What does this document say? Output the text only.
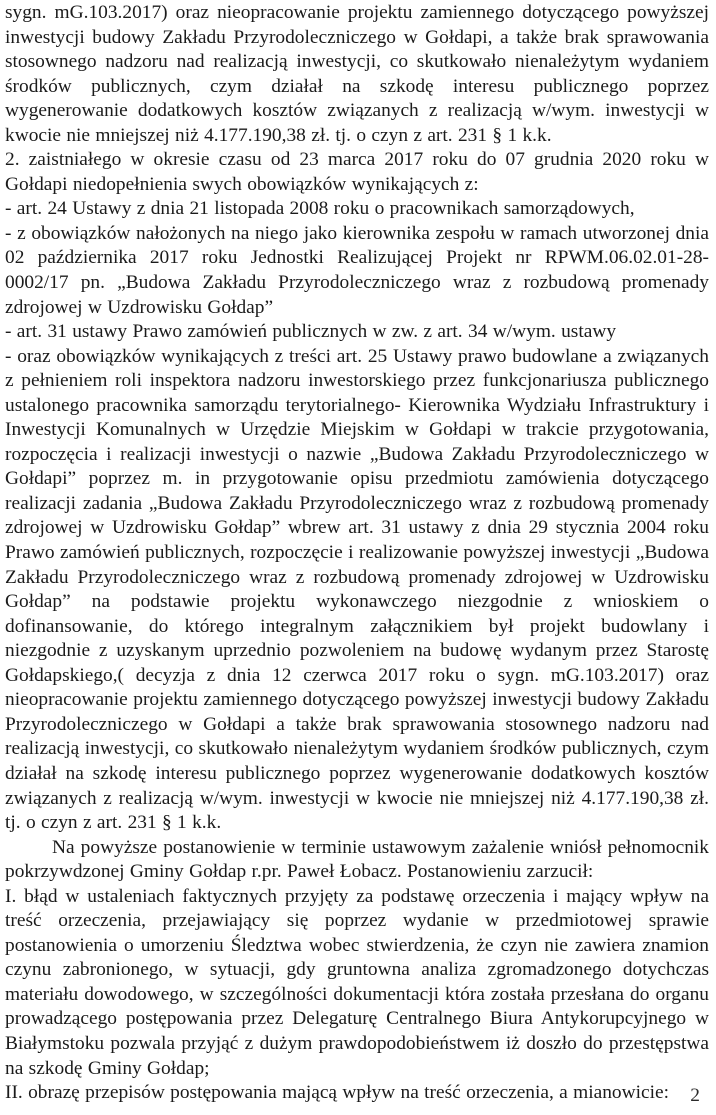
sygn. mG.103.2017) oraz nieopracowanie projektu zamiennego dotyczącego powyższej inwestycji budowy Zakładu Przyrodoleczniczego w Gołdapi, a także brak sprawowania stosownego nadzoru nad realizacją inwestycji, co skutkowało nienależytym wydaniem środków publicznych, czym działał na szkodę interesu publicznego poprzez wygenerowanie dodatkowych kosztów związanych z realizacją w/wym. inwestycji w kwocie nie mniejszej niż 4.177.190,38 zł. tj. o czyn z art. 231 § 1 k.k.

2. zaistniałego w okresie czasu od 23 marca 2017 roku do 07 grudnia 2020 roku w Gołdapi niedopełnienia swych obowiązków wynikających z:

- art. 24 Ustawy z dnia 21 listopada 2008 roku o pracownikach samorządowych,

- z obowiązków nałożonych na niego jako kierownika zespołu w ramach utworzonej dnia 02 października 2017 roku Jednostki Realizującej Projekt nr RPWM.06.02.01-28-0002/17 pn. „Budowa Zakładu Przyrodoleczniczego wraz z rozbudową promenady zdrojowej w Uzdrowisku Gołdap”

- art. 31 ustawy Prawo zamówień publicznych w zw. z art. 34 w/wym. ustawy

- oraz obowiązków wynikających z treści art. 25 Ustawy prawo budowlane a związanych z pełnieniem roli inspektora nadzoru inwestorskiego przez funkcjonariusza publicznego ustalonego pracownika samorządu terytorialnego- Kierownika Wydziału Infrastruktury i Inwestycji Komunalnych w Urzędzie Miejskim w Gołdapi w trakcie przygotowania, rozpoczęcia i realizacji inwestycji o nazwie „Budowa Zakładu Przyrodoleczniczego w Gołdapi” poprzez m. in przygotowanie opisu przedmiotu zamówienia dotyczącego realizacji zadania „Budowa Zakładu Przyrodoleczniczego wraz z rozbudową promenady zdrojowej w Uzdrowisku Gołdap” wbrew art. 31 ustawy z dnia 29 stycznia 2004 roku Prawo zamówień publicznych, rozpoczęcie i realizowanie powyższej inwestycji „Budowa Zakładu Przyrodoleczniczego wraz z rozbudową promenady zdrojowej w Uzdrowisku Gołdap” na podstawie projektu wykonawczego niezgodnie z wnioskiem o dofinansowanie, do którego integralnym załącznikiem był projekt budowlany i niezgodnie z uzyskanym uprzednio pozwoleniem na budowę wydanym przez Starostę Gołdapskiego,( decyzja z dnia 12 czerwca 2017 roku o sygn. mG.103.2017) oraz nieopracowanie projektu zamiennego dotyczącego powyższej inwestycji budowy Zakładu Przyrodoleczniczego w Gołdapi a także brak sprawowania stosownego nadzoru nad realizacją inwestycji, co skutkowało nienależytym wydaniem środków publicznych, czym działał na szkodę interesu publicznego poprzez wygenerowanie dodatkowych kosztów związanych z realizacją w/wym. inwestycji w kwocie nie mniejszej niż 4.177.190,38 zł. tj. o czyn z art. 231 § 1 k.k.

Na powyższe postanowienie w terminie ustawowym zażalenie wniósł pełnomocnik pokrzywdzonej Gminy Gołdap r.pr. Paweł Łobacz. Postanowieniu zarzucił:

I. błąd w ustaleniach faktycznych przyjęty za podstawę orzeczenia i mający wpływ na treść orzeczenia, przejawiający się poprzez wydanie w przedmiotowej sprawie postanowienia o umorzeniu Śledztwa wobec stwierdzenia, że czyn nie zawiera znamion czynu zabronionego, w sytuacji, gdy gruntowna analiza zgromadzonego dotychczas materiału dowodowego, w szczególności dokumentacji która została przesłana do organu prowadzącego postępowania przez Delegaturę Centralnego Biura Antykorupcyjnego w Białymstoku pozwala przyjąć z dużym prawdopodobieństwem iż doszło do przestępstwa na szkodę Gminy Gołdap;

II. obrazę przepisów postępowania mającą wpływ na treść orzeczenia, a mianowicie:	2
